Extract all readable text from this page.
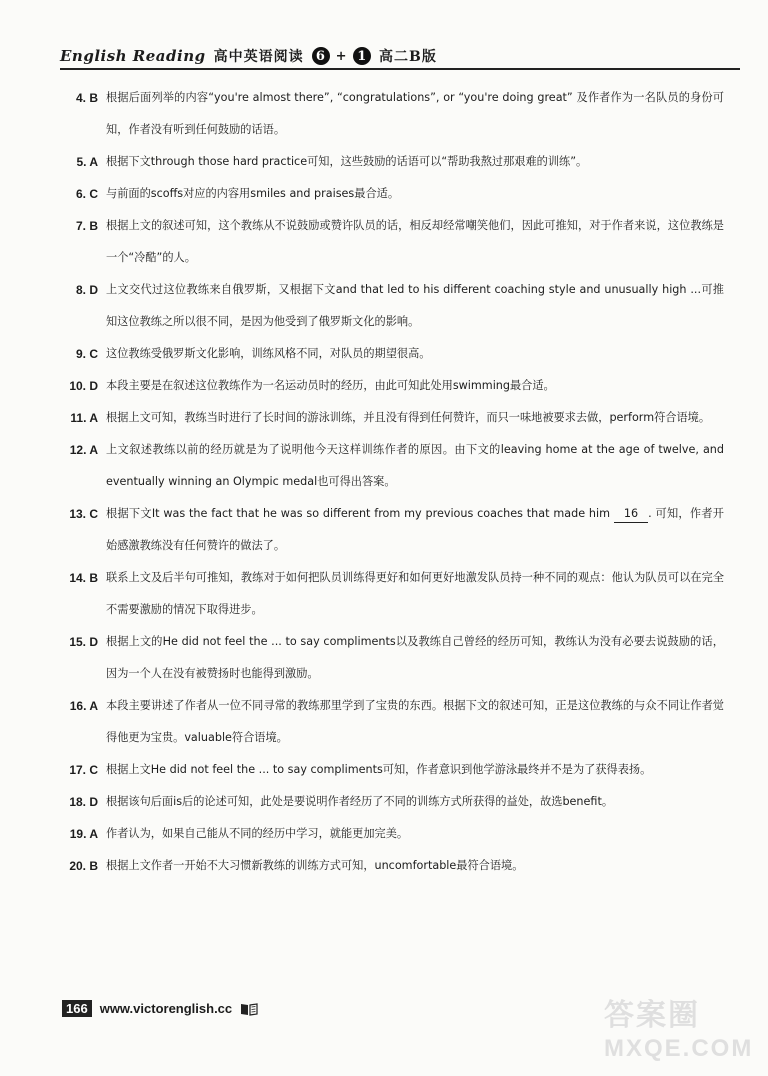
English Reading 高中英语阅读 6 + 1 高二B版
4. B 根据后面列举的内容“you're almost there”, “congratulations”, or “you're doing great” 及作者作为一名队员的身份可知，作者没有听到任何鼓励的话语。
5. A 根据下文through those hard practice可知，这些鼓励的话语可以“帮助我熬过那艰难的训练”。
6. C 与前面的scoffs对应的内容用smiles and praises最合适。
7. B 根据上文的叙述可知，这个教练从不说鼓励或赞许队员的话，相反却经常嘲笑他们，因此可推知，对于作者来说，这位教练是一个“冷酷”的人。
8. D 上文交代过这位教练来自俄罗斯，又根据下文and that led to his different coaching style and unusually high ...可推知这位教练之所以很不同，是因为他受到了俄罗斯文化的影响。
9. C 这位教练受俄罗斯文化影响，训练风格不同，对队员的期望很高。
10. D 本段主要是在叙述这位教练作为一名运动员时的经历，由此可知此处用swimming最合适。
11. A 根据上文可知，教练当时进行了长时间的游泳训练，并且没有得到任何赞许，而只一味地被要求去做，perform符合语境。
12. A 上文叙述教练以前的经历就是为了说明他今天这样训练作者的原因。由下文的leaving home at the age of twelve, and eventually winning an Olympic medal也可得出答案。
13. C 根据下文It was the fact that he was so different from my previous coaches that made him 16 . 可知，作者开始感激教练没有任何赞许的做法了。
14. B 联系上文及后半句可推知，教练对于如何把队员训练得更好和如何更好地激发队员持一种不同的观点：他认为队员可以在完全不需要激励的情况下取得进步。
15. D 根据上文的He did not feel the ... to say compliments以及教练自己曾经的经历可知，教练认为没有必要去说鼓励的话，因为一个人在没有被赞扬时也能得到激励。
16. A 本段主要讲述了作者从一位不同寻常的教练那里学到了宝贵的东西。根据下文的叙述可知，正是这位教练的与众不同让作者觉得他更为宝贵。valuable符合语境。
17. C 根据上文He did not feel the ... to say compliments可知，作者意识到他学游泳最终并不是为了获得表扬。
18. D 根据该句后面is后的论述可知，此处是要说明作者经历了不同的训练方式所获得的益处，故选benefit。
19. A 作者认为，如果自己能从不同的经历中学习，就能更加完美。
20. B 根据上文作者一开始不大习惯新教练的训练方式可知，uncomfortable最符合语境。
166 www.victorenglish.cc	答案圈
MXQE.COM
